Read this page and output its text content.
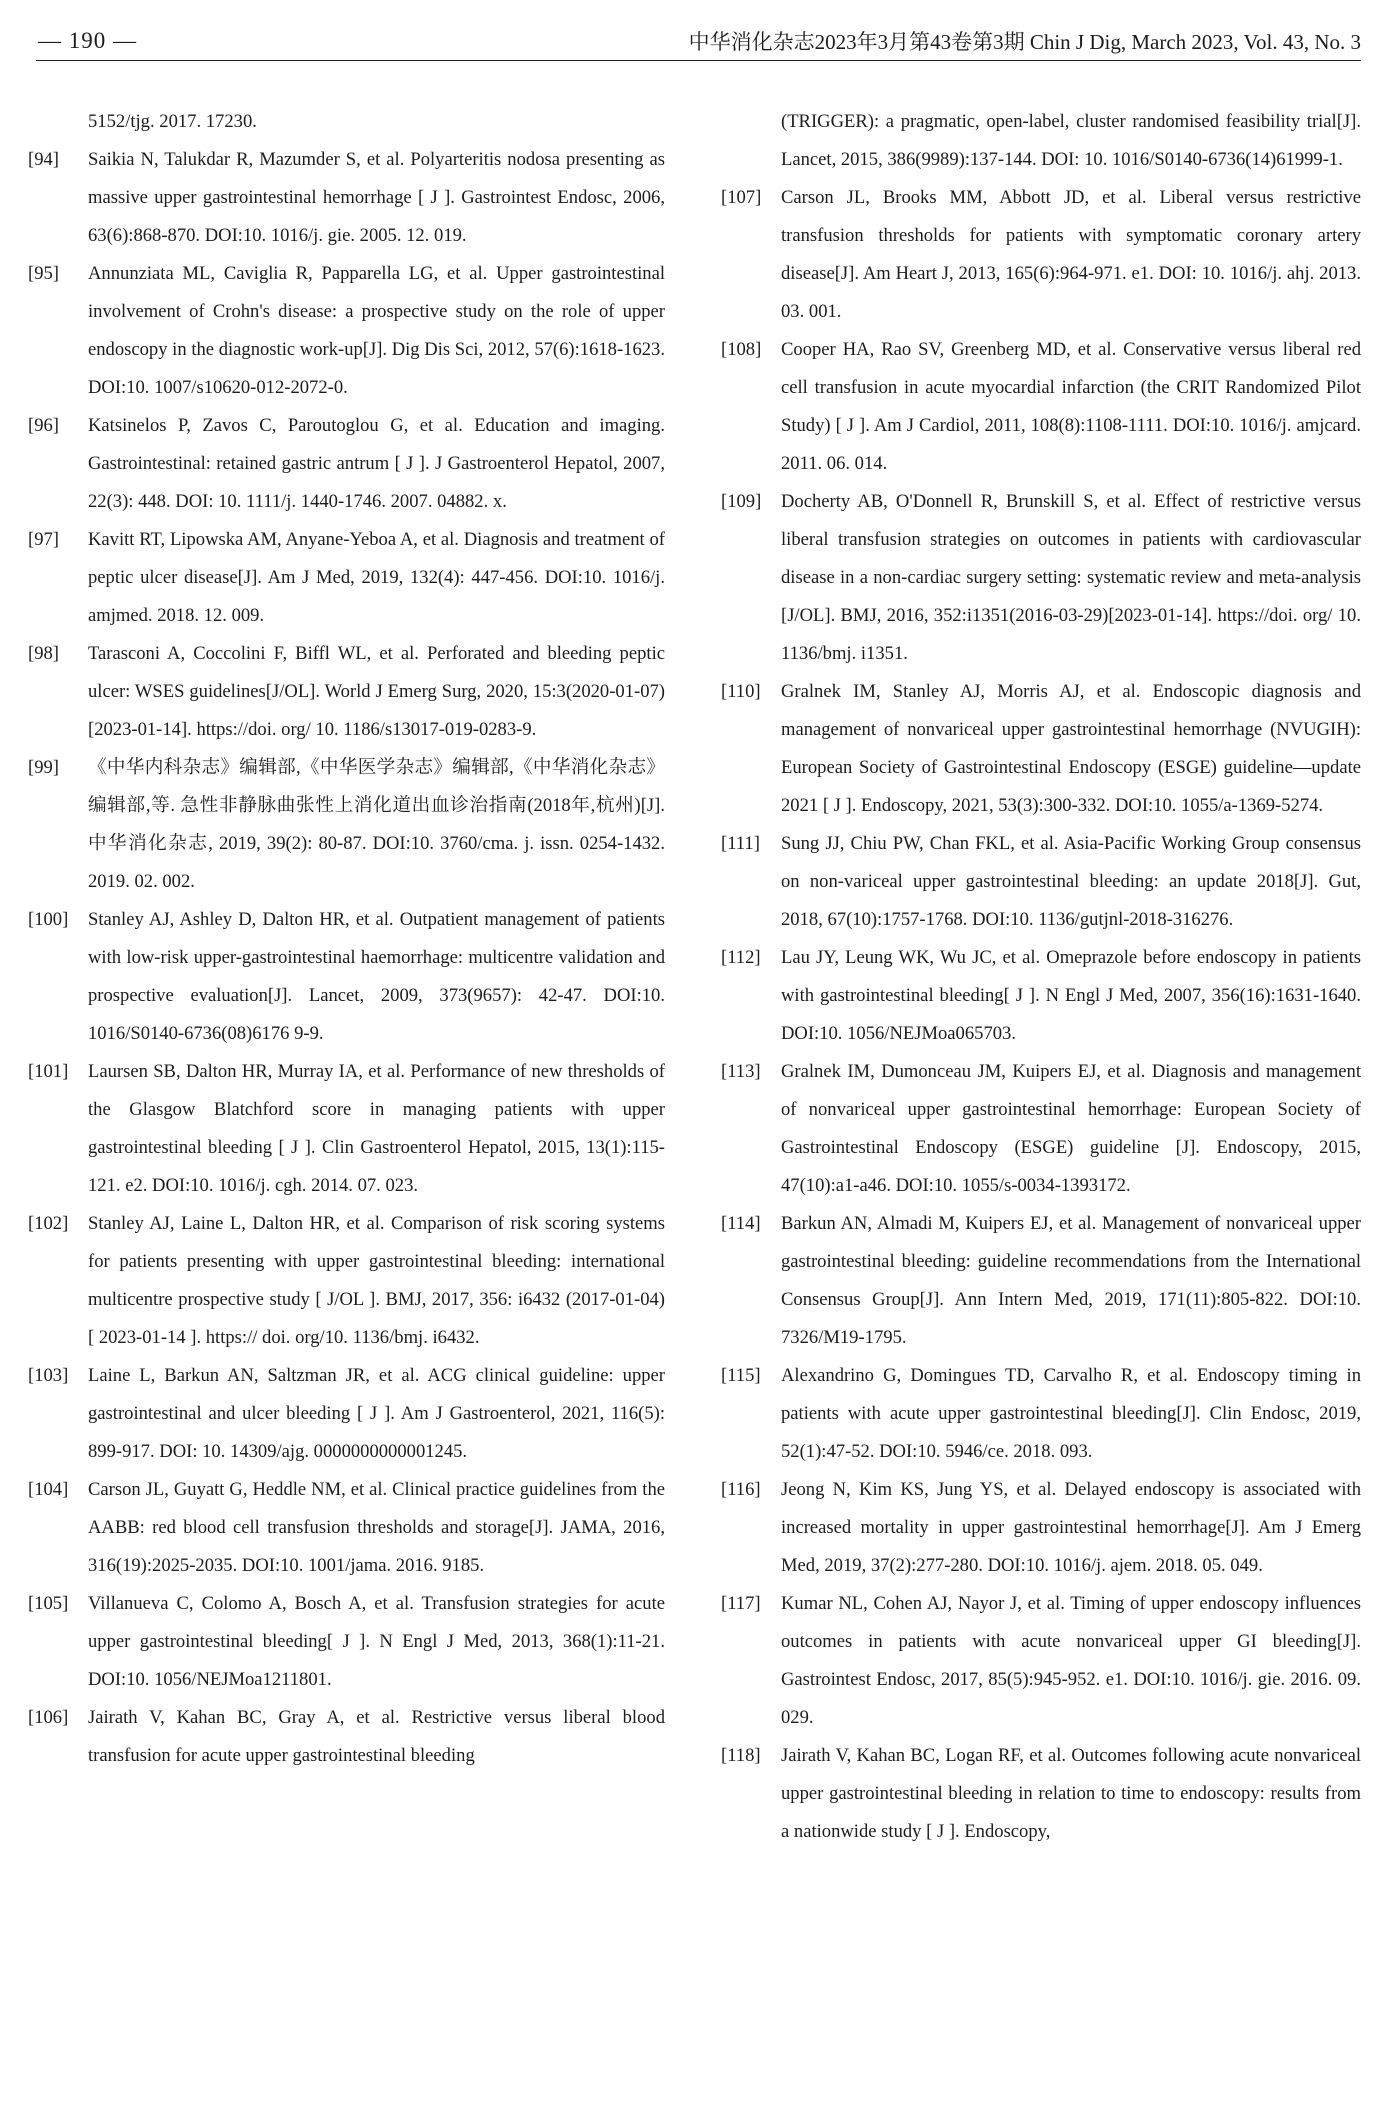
— 190 —	中华消化杂志2023年3月第43卷第3期 Chin J Dig, March 2023, Vol. 43, No. 3
5152/tjg. 2017. 17230.
[94]	Saikia N, Talukdar R, Mazumder S, et al. Polyarteritis nodosa presenting as massive upper gastrointestinal hemorrhage [ J ]. Gastrointest Endosc, 2006, 63(6):868-870. DOI:10. 1016/j. gie. 2005. 12. 019.
[95]	Annunziata ML, Caviglia R, Papparella LG, et al. Upper gastrointestinal involvement of Crohn's disease: a prospective study on the role of upper endoscopy in the diagnostic work-up[J]. Dig Dis Sci, 2012, 57(6):1618-1623. DOI:10. 1007/s10620-012-2072-0.
[96]	Katsinelos P, Zavos C, Paroutoglou G, et al. Education and imaging. Gastrointestinal: retained gastric antrum [ J ]. J Gastroenterol Hepatol, 2007, 22(3): 448. DOI: 10. 1111/j. 1440-1746. 2007. 04882. x.
[97]	Kavitt RT, Lipowska AM, Anyane-Yeboa A, et al. Diagnosis and treatment of peptic ulcer disease[J]. Am J Med, 2019, 132(4): 447-456. DOI:10. 1016/j. amjmed. 2018. 12. 009.
[98]	Tarasconi A, Coccolini F, Biffl WL, et al. Perforated and bleeding peptic ulcer: WSES guidelines[J/OL]. World J Emerg Surg, 2020, 15:3(2020-01-07)[2023-01-14]. https://doi. org/ 10. 1186/s13017-019-0283-9.
[99]	《中华内科杂志》编辑部,《中华医学杂志》编辑部,《中华消化杂志》编辑部,等. 急性非静脉曲张性上消化道出血诊治指南(2018年,杭州)[J]. 中华消化杂志, 2019, 39(2): 80-87. DOI:10. 3760/cma. j. issn. 0254-1432. 2019. 02. 002.
[100]	Stanley AJ, Ashley D, Dalton HR, et al. Outpatient management of patients with low-risk upper-gastrointestinal haemorrhage: multicentre validation and prospective evaluation[J]. Lancet, 2009, 373(9657): 42-47. DOI:10. 1016/S0140-6736(08)6176 9-9.
[101]	Laursen SB, Dalton HR, Murray IA, et al. Performance of new thresholds of the Glasgow Blatchford score in managing patients with upper gastrointestinal bleeding [ J ]. Clin Gastroenterol Hepatol, 2015, 13(1):115-121. e2. DOI:10. 1016/j. cgh. 2014. 07. 023.
[102]	Stanley AJ, Laine L, Dalton HR, et al. Comparison of risk scoring systems for patients presenting with upper gastrointestinal bleeding: international multicentre prospective study [ J/OL ]. BMJ, 2017, 356: i6432 (2017-01-04) [ 2023-01-14 ]. https:// doi. org/10. 1136/bmj. i6432.
[103]	Laine L, Barkun AN, Saltzman JR, et al. ACG clinical guideline: upper gastrointestinal and ulcer bleeding [ J ]. Am J Gastroenterol, 2021, 116(5): 899-917. DOI: 10. 14309/ajg. 0000000000001245.
[104]	Carson JL, Guyatt G, Heddle NM, et al. Clinical practice guidelines from the AABB: red blood cell transfusion thresholds and storage[J]. JAMA, 2016, 316(19):2025-2035. DOI:10. 1001/jama. 2016. 9185.
[105]	Villanueva C, Colomo A, Bosch A, et al. Transfusion strategies for acute upper gastrointestinal bleeding[ J ]. N Engl J Med, 2013, 368(1):11-21. DOI:10. 1056/NEJMoa1211801.
[106]	Jairath V, Kahan BC, Gray A, et al. Restrictive versus liberal blood transfusion for acute upper gastrointestinal bleeding
(TRIGGER): a pragmatic, open-label, cluster randomised feasibility trial[J]. Lancet, 2015, 386(9989):137-144. DOI: 10. 1016/S0140-6736(14)61999-1.
[107]	Carson JL, Brooks MM, Abbott JD, et al. Liberal versus restrictive transfusion thresholds for patients with symptomatic coronary artery disease[J]. Am Heart J, 2013, 165(6):964-971. e1. DOI: 10. 1016/j. ahj. 2013. 03. 001.
[108]	Cooper HA, Rao SV, Greenberg MD, et al. Conservative versus liberal red cell transfusion in acute myocardial infarction (the CRIT Randomized Pilot Study) [ J ]. Am J Cardiol, 2011, 108(8):1108-1111. DOI:10. 1016/j. amjcard. 2011. 06. 014.
[109]	Docherty AB, O'Donnell R, Brunskill S, et al. Effect of restrictive versus liberal transfusion strategies on outcomes in patients with cardiovascular disease in a non-cardiac surgery setting: systematic review and meta-analysis [J/OL]. BMJ, 2016, 352:i1351(2016-03-29)[2023-01-14]. https://doi. org/ 10. 1136/bmj. i1351.
[110]	Gralnek IM, Stanley AJ, Morris AJ, et al. Endoscopic diagnosis and management of nonvariceal upper gastrointestinal hemorrhage (NVUGIH): European Society of Gastrointestinal Endoscopy (ESGE) guideline—update 2021 [ J ]. Endoscopy, 2021, 53(3):300-332. DOI:10. 1055/a-1369-5274.
[111]	Sung JJ, Chiu PW, Chan FKL, et al. Asia-Pacific Working Group consensus on non-variceal upper gastrointestinal bleeding: an update 2018[J]. Gut, 2018, 67(10):1757-1768. DOI:10. 1136/gutjnl-2018-316276.
[112]	Lau JY, Leung WK, Wu JC, et al. Omeprazole before endoscopy in patients with gastrointestinal bleeding[ J ]. N Engl J Med, 2007, 356(16):1631-1640. DOI:10. 1056/NEJMoa065703.
[113]	Gralnek IM, Dumonceau JM, Kuipers EJ, et al. Diagnosis and management of nonvariceal upper gastrointestinal hemorrhage: European Society of Gastrointestinal Endoscopy (ESGE) guideline [J]. Endoscopy, 2015, 47(10):a1-a46. DOI:10. 1055/s-0034-1393172.
[114]	Barkun AN, Almadi M, Kuipers EJ, et al. Management of nonvariceal upper gastrointestinal bleeding: guideline recommendations from the International Consensus Group[J]. Ann Intern Med, 2019, 171(11):805-822. DOI:10. 7326/M19-1795.
[115]	Alexandrino G, Domingues TD, Carvalho R, et al. Endoscopy timing in patients with acute upper gastrointestinal bleeding[J]. Clin Endosc, 2019, 52(1):47-52. DOI:10. 5946/ce. 2018. 093.
[116]	Jeong N, Kim KS, Jung YS, et al. Delayed endoscopy is associated with increased mortality in upper gastrointestinal hemorrhage[J]. Am J Emerg Med, 2019, 37(2):277-280. DOI:10. 1016/j. ajem. 2018. 05. 049.
[117]	Kumar NL, Cohen AJ, Nayor J, et al. Timing of upper endoscopy influences outcomes in patients with acute nonvariceal upper GI bleeding[J]. Gastrointest Endosc, 2017, 85(5):945-952. e1. DOI:10. 1016/j. gie. 2016. 09. 029.
[118]	Jairath V, Kahan BC, Logan RF, et al. Outcomes following acute nonvariceal upper gastrointestinal bleeding in relation to time to endoscopy: results from a nationwide study [ J ]. Endoscopy,
